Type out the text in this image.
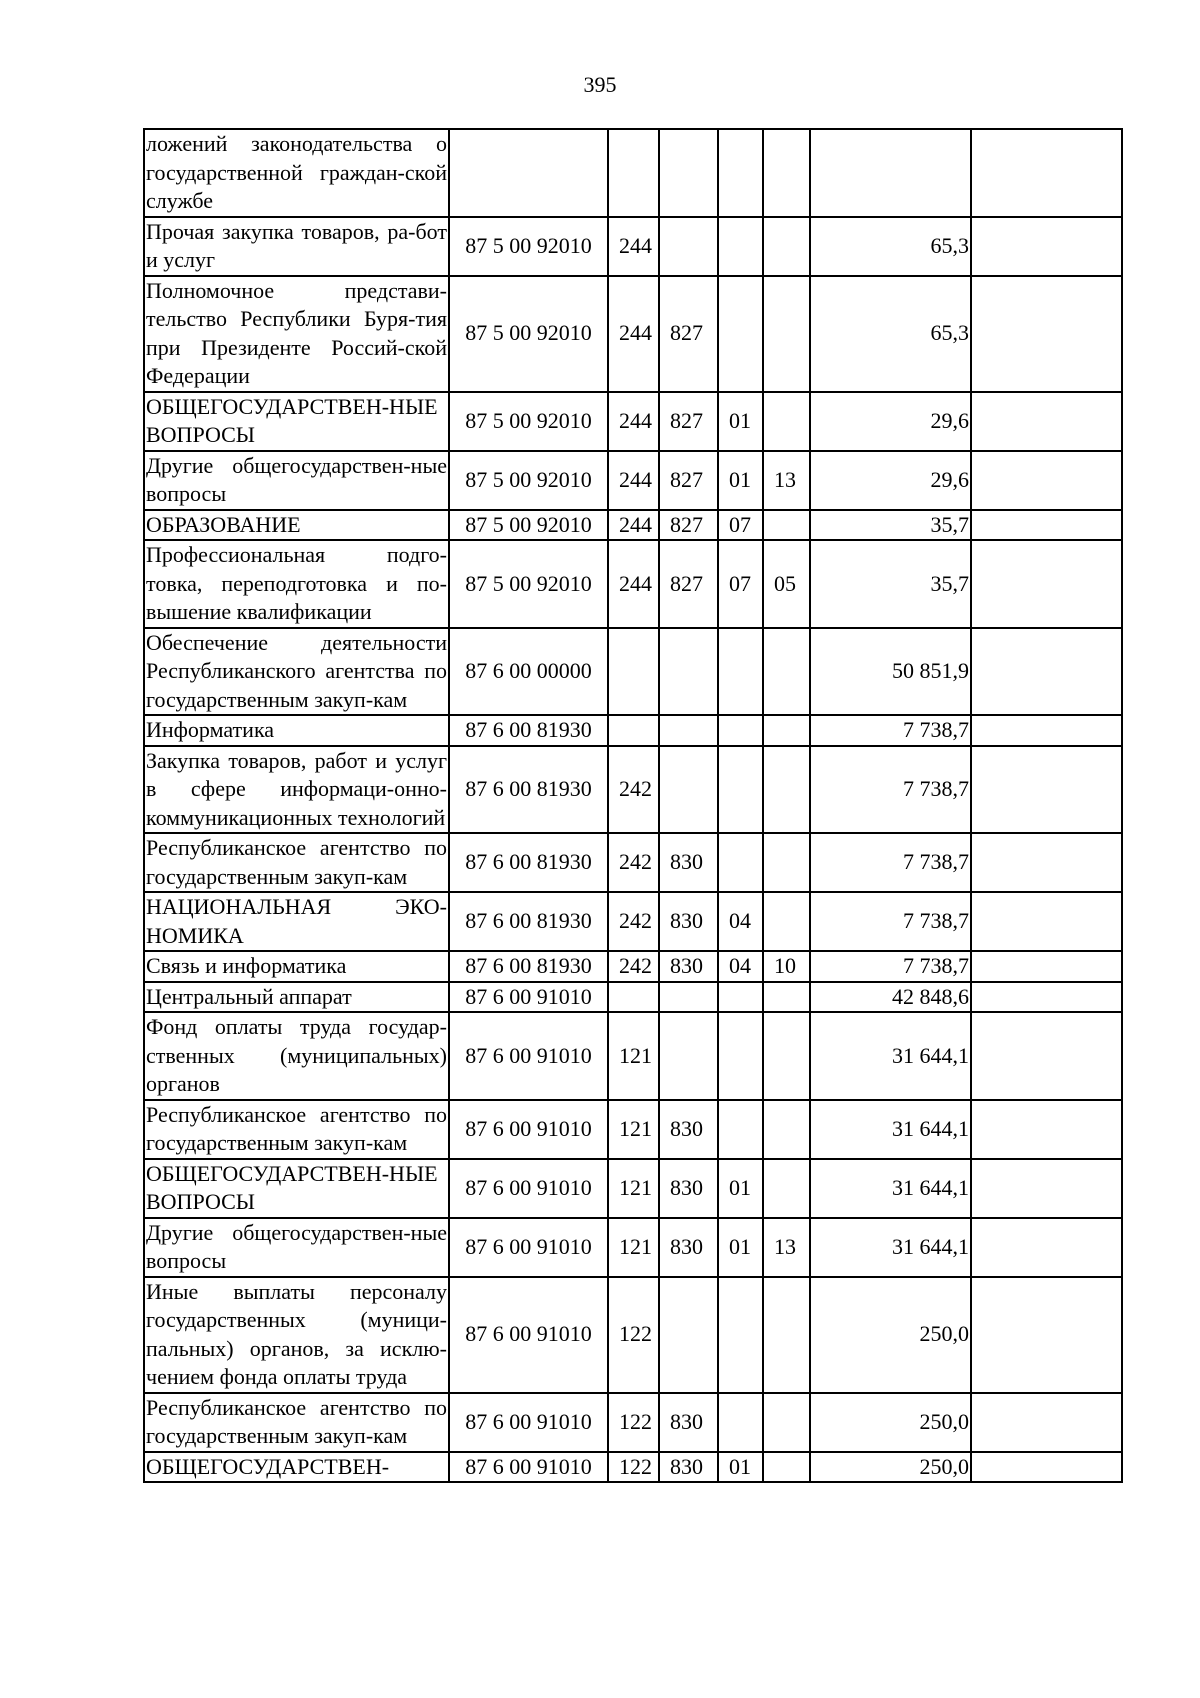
395
ложений законодательства о государственной граждан-ской службе							
Прочая закупка товаров, ра-бот и услуг	87 5 00 92010	244				65,3	
Полномочное представи-тельство Республики Буря-тия при Президенте Россий-ской Федерации	87 5 00 92010	244	827			65,3	
ОБЩЕГОСУДАРСТВЕН-НЫЕ ВОПРОСЫ	87 5 00 92010	244	827	01		29,6	
Другие общегосударствен-ные вопросы	87 5 00 92010	244	827	01	13	29,6	
ОБРАЗОВАНИЕ	87 5 00 92010	244	827	07		35,7	
Профессиональная подго-товка, переподготовка и по-вышение квалификации	87 5 00 92010	244	827	07	05	35,7	
Обеспечение деятельности Республиканского агентства по государственным закуп-кам	87 6 00 00000					50 851,9	
Информатика	87 6 00 81930					7 738,7	
Закупка товаров, работ и услуг в сфере информаци-онно-коммуникационных технологий	87 6 00 81930	242				7 738,7	
Республиканское агентство по государственным закуп-кам	87 6 00 81930	242	830			7 738,7	
НАЦИОНАЛЬНАЯ ЭКО-НОМИКА	87 6 00 81930	242	830	04		7 738,7	
Связь и информатика	87 6 00 81930	242	830	04	10	7 738,7	
Центральный аппарат	87 6 00 91010					42 848,6	
Фонд оплаты труда государ-ственных (муниципальных) органов	87 6 00 91010	121				31 644,1	
Республиканское агентство по государственным закуп-кам	87 6 00 91010	121	830			31 644,1	
ОБЩЕГОСУДАРСТВЕН-НЫЕ ВОПРОСЫ	87 6 00 91010	121	830	01		31 644,1	
Другие общегосударствен-ные вопросы	87 6 00 91010	121	830	01	13	31 644,1	
Иные выплаты персоналу государственных (муници-пальных) органов, за исклю-чением фонда оплаты труда	87 6 00 91010	122				250,0	
Республиканское агентство по государственным закуп-кам	87 6 00 91010	122	830			250,0	
ОБЩЕГОСУДАРСТВЕН-	87 6 00 91010	122	830	01		250,0	
